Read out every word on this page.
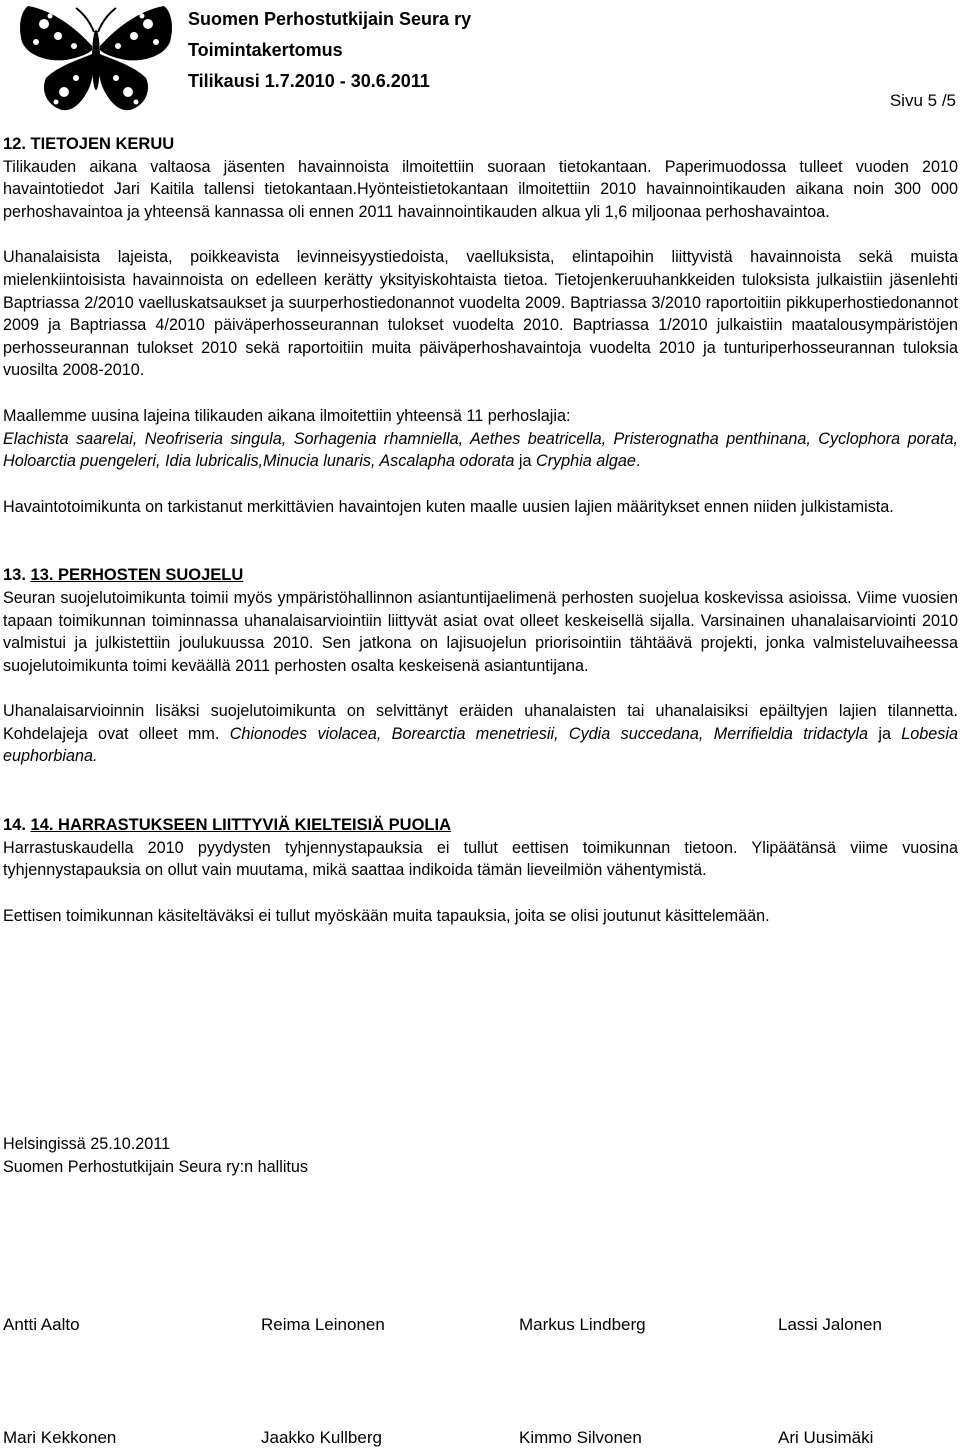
Suomen Perhostutkijain Seura ry
Toimintakertomus
Tilikausi 1.7.2010 - 30.6.2011
Sivu 5 /5
12. TIETOJEN KERUU

Tilikauden aikana valtaosa jäsenten havainnoista ilmoitettiin suoraan tietokantaan. Paperimuodossa tulleet vuoden 2010 havaintotiedot Jari Kaitila tallensi tietokantaan.Hyönteistietokantaan ilmoitettiin 2010 havainnointikauden aikana noin 300 000 perhoshavaintoa ja yhteensä kannassa oli ennen 2011 havainnointikauden alkua yli 1,6 miljoonaa perhoshavaintoa.

Uhanalaisista lajeista, poikkeavista levinneisyystiedoista, vaelluksista, elintapoihin liittyvistä havainnoista sekä muista mielenkiintoisista havainnoista on edelleen kerätty yksityiskohtaista tietoa. Tietojenkeruuhankkeiden tuloksista julkaistiin jäsenlehti Baptriassa 2/2010 vaelluskatsaukset ja suurperhostiedonannot vuodelta 2009. Baptriassa 3/2010 raportoitiin pikkuperhostiedonannot 2009 ja Baptriassa 4/2010 päiväperhosseurannan tulokset vuodelta 2010. Baptriassa 1/2010 julkaistiin maatalousympäristöjen perhosseurannan tulokset 2010 sekä raportoitiin muita päiväperhoshavaintoja vuodelta 2010 ja tunturiperhosseurannan tuloksia vuosilta 2008-2010.

Maallemme uusina lajeina tilikauden aikana ilmoitettiin yhteensä 11 perhoslajia:
Elachista saarelai, Neofriseria singula, Sorhagenia rhamniella, Aethes beatricella, Pristerognatha penthinana, Cyclophora porata, Holoarctia puengeleri, Idia lubricalis,Minucia lunaris, Ascalapha odorata ja Cryphia algae.

Havaintotoimikunta on tarkistanut merkittävien havaintojen kuten maalle uusien lajien määritykset ennen niiden julkistamista.

13. 13. PERHOSTEN SUOJELU

Seuran suojelutoimikunta toimii myös ympäristöhallinnon asiantuntijaelimenä perhosten suojelua koskevissa asioissa. Viime vuosien tapaan toimikunnan toiminnassa uhanalaisarviointiin liittyvät asiat ovat olleet keskeisellä sijalla. Varsinainen uhanalaisarviointi 2010 valmistui ja julkistettiin joulukuussa 2010. Sen jatkona on lajisuojelun priorisointiin tähtäävä projekti, jonka valmisteluvaiheessa suojelutoimikunta toimi keväällä 2011 perhosten osalta keskeisenä asiantuntijana.

Uhanalaisarvioinnin lisäksi suojelutoimikunta on selvittänyt eräiden uhanalaisten tai uhanalaisiksi epäiltyjen lajien tilannetta. Kohdelajeja ovat olleet mm. Chionodes violacea, Borearctia menetriesii, Cydia succedana, Merrifieldia tridactyla ja Lobesia euphorbiana.

14. 14. HARRASTUKSEEN LIITTYVIÄ KIELTEISIÄ PUOLIA

Harrastuskaudella 2010 pyydysten tyhjennystapauksia ei tullut eettisen toimikunnan tietoon. Ylipäätänsä viime vuosina tyhjennystapauksia on ollut vain muutama, mikä saattaa indikoida tämän lieveilmiön vähentymistä.

Eettisen toimikunnan käsiteltäväksi ei tullut myöskään muita tapauksia, joita se olisi joutunut käsittelemään.

Helsingissä 25.10.2011
Suomen Perhostutkijain Seura ry:n hallitus
Antti Aalto	Reima Leinonen	Markus Lindberg	Lassi Jalonen
Mari Kekkonen	Jaakko Kullberg	Kimmo Silvonen	Ari Uusimäki
